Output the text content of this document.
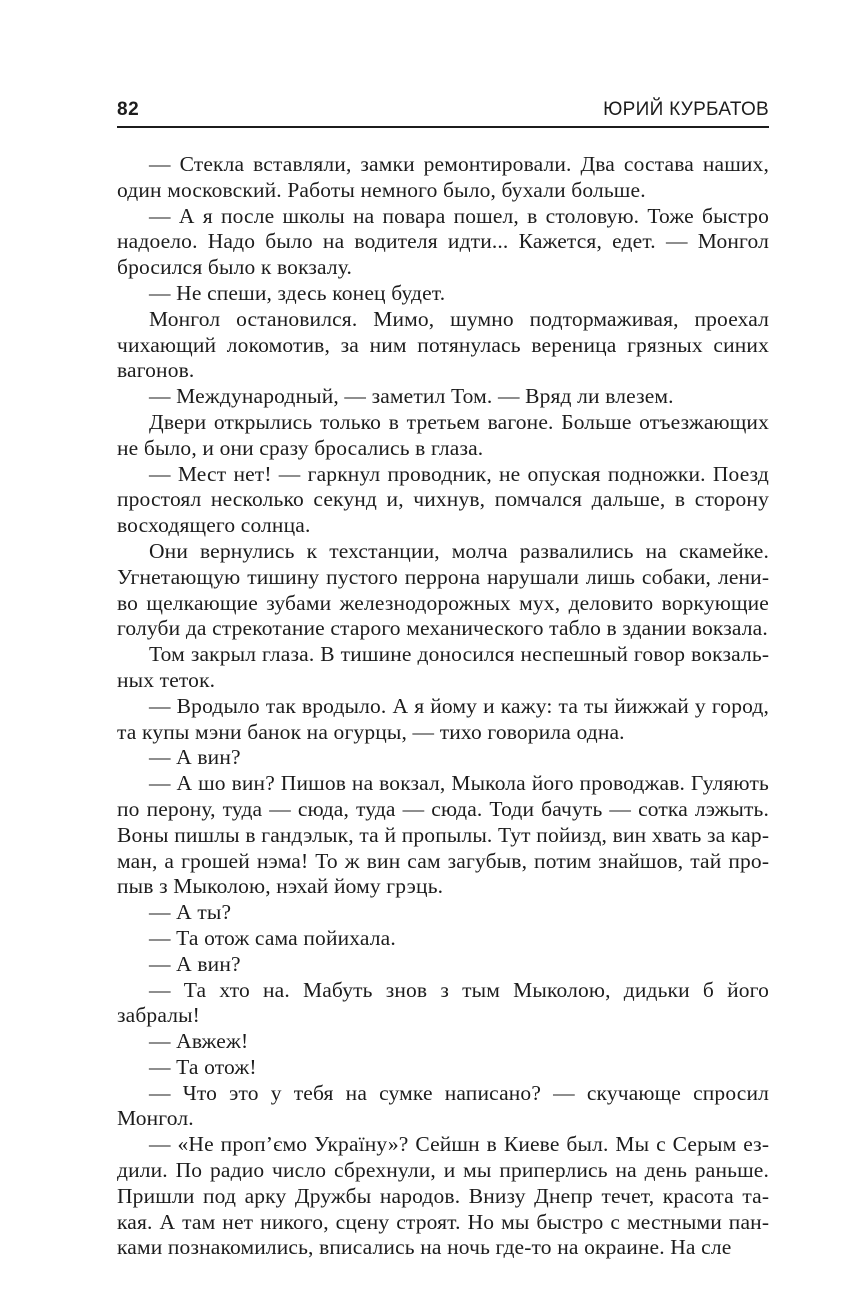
82	ЮРИЙ КУРБАТОВ

— Стекла вставляли, замки ремонтировали. Два состава наших, один московский. Работы немного было, бухали больше.

— А я после школы на повара пошел, в столовую. Тоже быстро надоело. Надо было на водителя идти... Кажется, едет. — Монгол бросился было к вокзалу.

— Не спеши, здесь конец будет.

Монгол остановился. Мимо, шумно подтормаживая, проехал чихающий локомотив, за ним потянулась вереница грязных синих вагонов.

— Международный, — заметил Том. — Вряд ли влезем.

Двери открылись только в третьем вагоне. Больше отъезжающих не было, и они сразу бросались в глаза.

— Мест нет! — гаркнул проводник, не опуская подножки. Поезд простоял несколько секунд и, чихнув, помчался дальше, в сторону восходящего солнца.

Они вернулись к техстанции, молча развалились на скамейке. Угнетающую тишину пустого перрона нарушали лишь собаки, лениво щелкающие зубами железнодорожных мух, деловито воркующие голуби да стрекотание старого механического табло в здании вокзала.

Том закрыл глаза. В тишине доносился неспешный говор вокзальных теток.

— Вродыло так вродыло. А я йому и кажу: та ты йижжай у город, та купы мэни банок на огурцы, — тихо говорила одна.

— А вин?

— А шо вин? Пишов на вокзал, Мыкола його проводжав. Гуляють по перону, туда — сюда, туда — сюда. Тоди бачуть — сотка лэжыть. Воны пишлы в гандэлык, та й пропылы. Тут пойизд, вин хвать за карман, а грошей нэма! То ж вин сам загубыв, потим знайшов, тай пропыв з Мыколою, нэхай йому грэць.

— А ты?

— Та отож сама пойихала.

— А вин?

— Та хто на. Мабуть знов з тым Мыколою, дидьки б його забралы!

— Авжеж!

— Та отож!

— Что это у тебя на сумке написано? — скучающе спросил Монгол.

— «Не проп’ємо Україну»? Сейшн в Киеве был. Мы с Серым ездили. По радио число сбрехнули, и мы приперлись на день раньше. Пришли под арку Дружбы народов. Внизу Днепр течет, красота такая. А там нет никого, сцену строят. Но мы быстро с местными панками познакомились, вписались на ночь где-то на окраине. На сле
